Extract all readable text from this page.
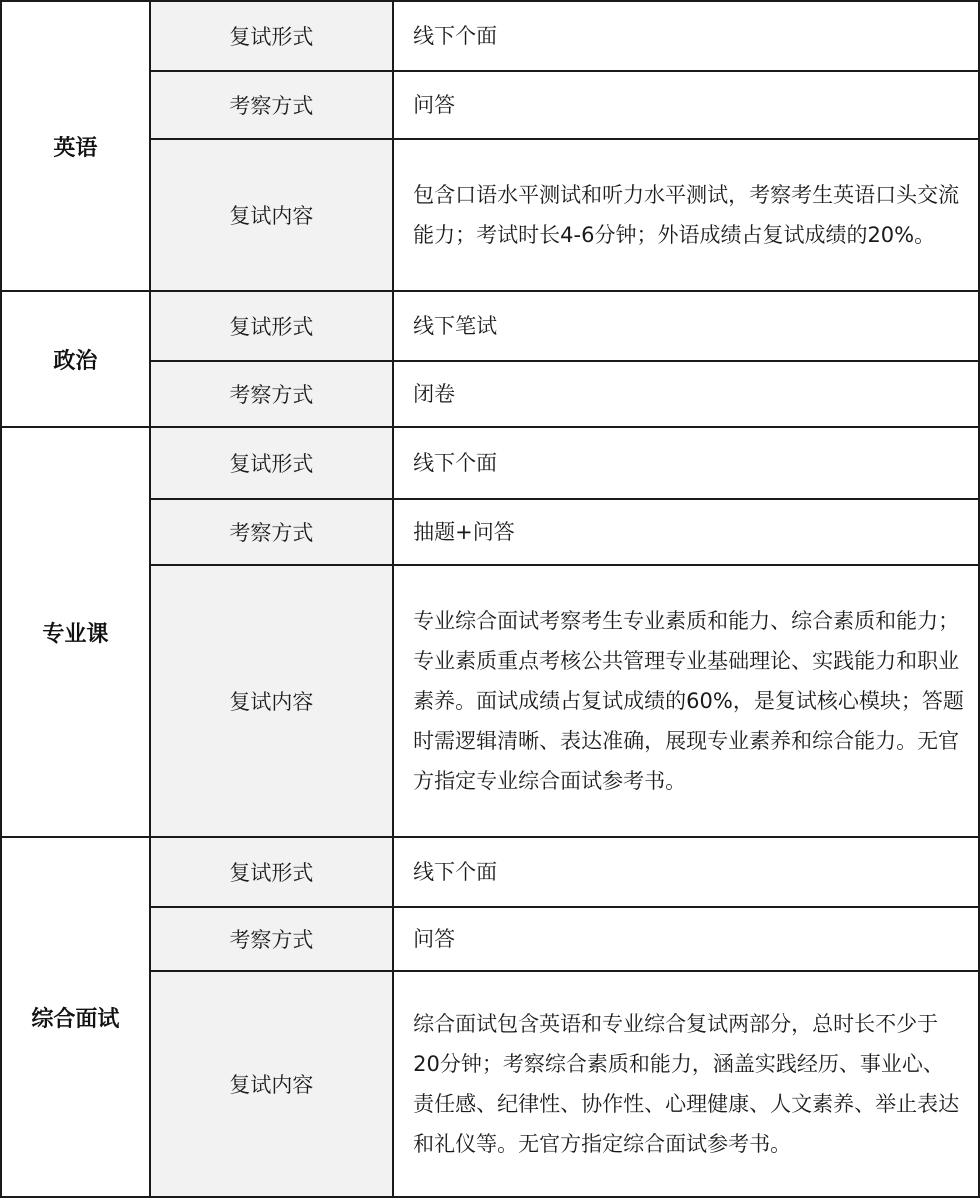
英语	复试形式	线下个面
	考察方式	问答
	复试内容	包含口语水平测试和听力水平测试，考察考生英语口头交流能力；考试时长4-6分钟；外语成绩占复试成绩的20%。
政治	复试形式	线下笔试
	考察方式	闭卷
专业课	复试形式	线下个面
	考察方式	抽题+问答
	复试内容	专业综合面试考察考生专业素质和能力、综合素质和能力；专业素质重点考核公共管理专业基础理论、实践能力和职业素养。面试成绩占复试成绩的60%，是复试核心模块；答题时需逻辑清晰、表达准确，展现专业素养和综合能力。无官方指定专业综合面试参考书。
综合面试	复试形式	线下个面
	考察方式	问答
	复试内容	综合面试包含英语和专业综合复试两部分，总时长不少于20分钟；考察综合素质和能力，涵盖实践经历、事业心、责任感、纪律性、协作性、心理健康、人文素养、举止表达和礼仪等。无官方指定综合面试参考书。
